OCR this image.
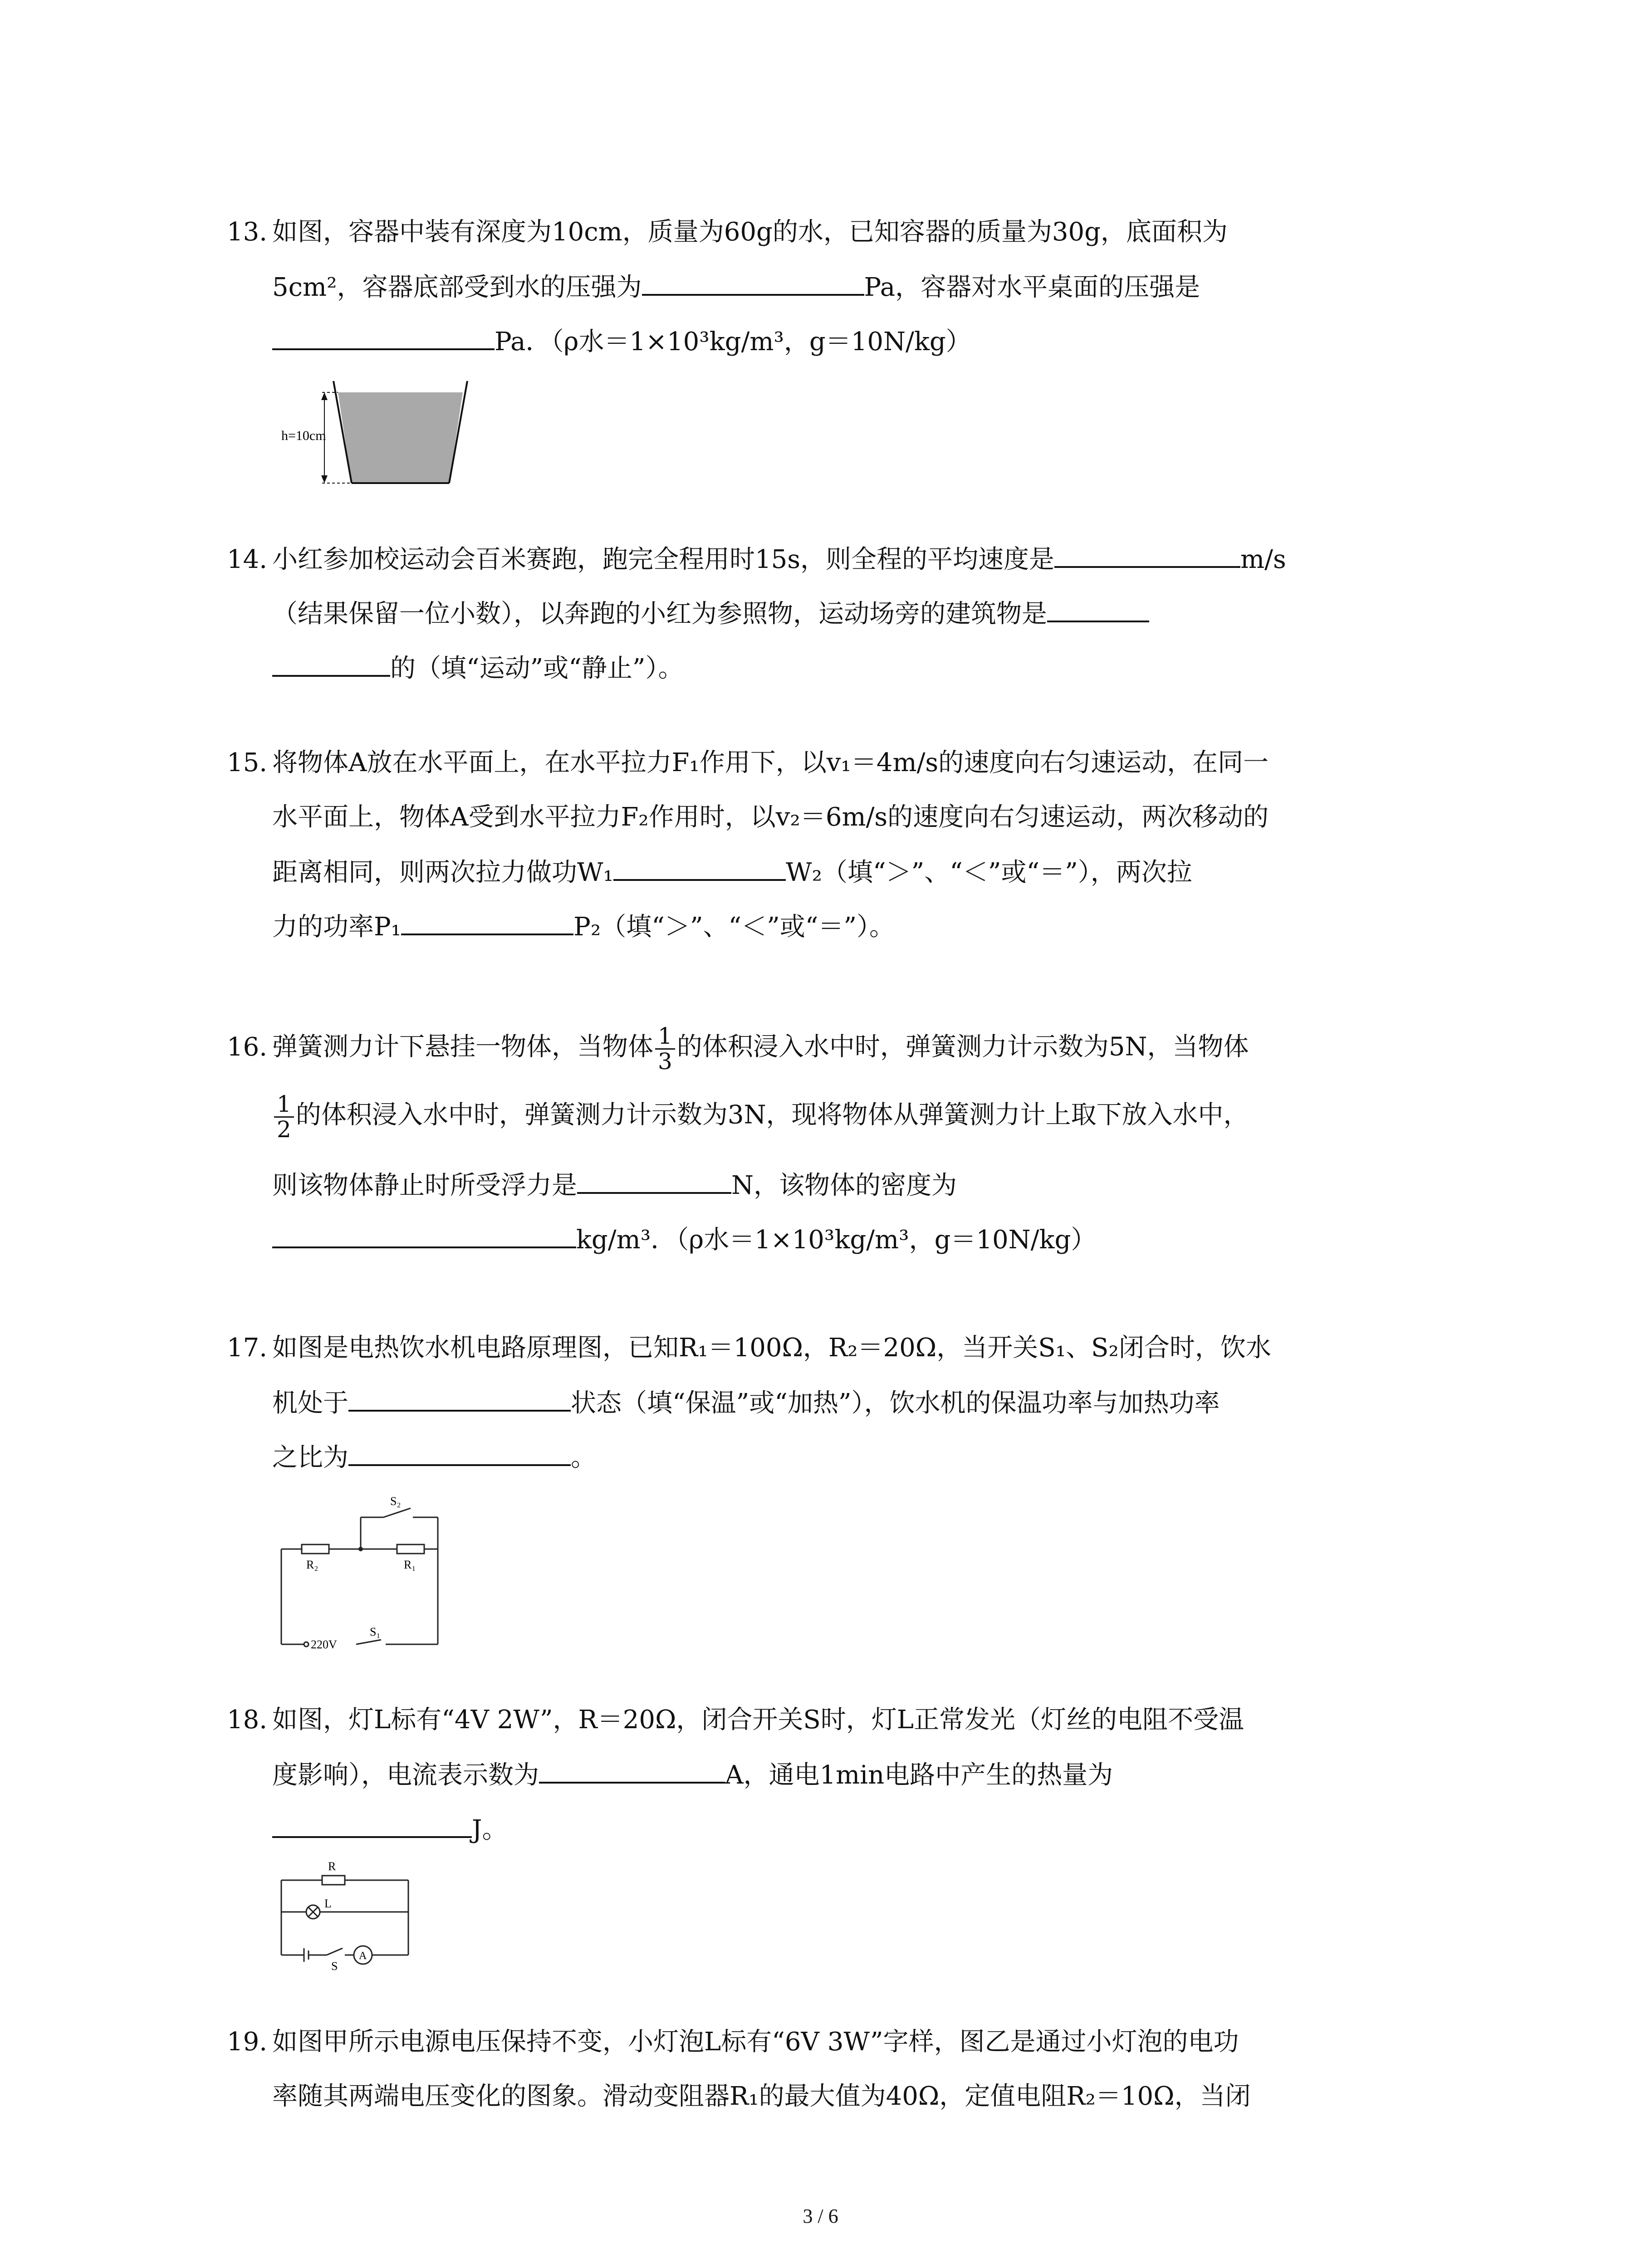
13. 如图，容器中装有深度为10cm，质量为60g的水，已知容器的质量为30g，底面积为
5cm²，容器底部受到水的压强为	Pa，容器对水平桌面的压强是
Pa．（ρ水＝1×10³kg/m³，g＝10N/kg）
h=10cm
14. 小红参加校运动会百米赛跑，跑完全程用时15s，则全程的平均速度是	m/s
（结果保留一位小数），以奔跑的小红为参照物，运动场旁的建筑物是
的（填“运动”或“静止”）。
15. 将物体A放在水平面上，在水平拉力F₁作用下，以v₁＝4m/s的速度向右匀速运动，在同一
水平面上，物体A受到水平拉力F₂作用时，以v₂＝6m/s的速度向右匀速运动，两次移动的
距离相同，则两次拉力做功W₁	W₂（填“＞”、“＜”或“＝”），两次拉
力的功率P₁	P₂（填“＞”、“＜”或“＝”）。
16. 弹簧测力计下悬挂一物体，当物体 $\frac{1}{3}$ 的体积浸入水中时，弹簧测力计示数为5N，当物体
$\frac{1}{2}$ 的体积浸入水中时，弹簧测力计示数为3N，现将物体从弹簧测力计上取下放入水中，
则该物体静止时所受浮力是	N，该物体的密度为
kg/m³．（ρ水＝1×10³kg/m³，g＝10N/kg）
17. 如图是电热饮水机电路原理图，已知R₁＝100Ω，R₂＝20Ω，当开关S₁、S₂闭合时，饮水
机处于	状态（填“保温”或“加热”），饮水机的保温功率与加热功率
之比为	。
S₂
R₂	R₁
220V
S₁
18. 如图，灯L标有“4V 2W”，R＝20Ω，闭合开关S时，灯L正常发光（灯丝的电阻不受温
度影响），电流表示数为	A，通电1min电路中产生的热量为
J。
R
L
S
A
19. 如图甲所示电源电压保持不变，小灯泡L标有“6V 3W”字样，图乙是通过小灯泡的电功
率随其两端电压变化的图象。滑动变阻器R₁的最大值为40Ω，定值电阻R₂＝10Ω，当闭
3 / 6
